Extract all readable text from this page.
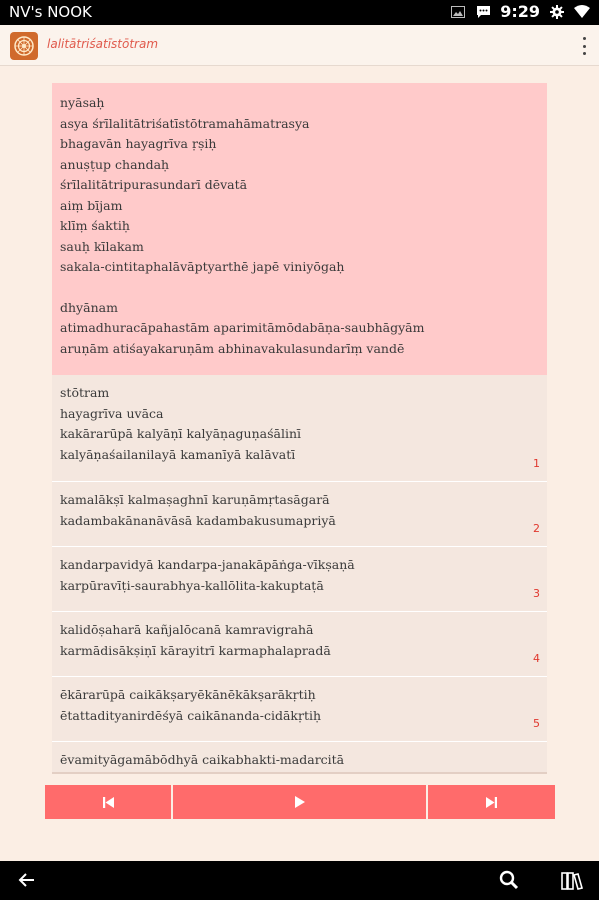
NV's NOOK	9:29
lalitātriśatīstōtram
nyāsaḥ
asya śrīlalitātriśatīstōtramahāmatrasya
bhagavān hayagrīva ṛṣiḥ
anuṣṭup chandaḥ
śrīlalitātripurasundarī dēvatā
aiṃ bījam
klīṃ śaktiḥ
sauḥ kīlakam
sakala-cintitaphalāvāptyarthē japē viniyōgaḥ
dhyānam
atimadhuracāpahastām aparimitāmōdabāṇa-saubhāgyām
aruṇām atiśayakaruṇām abhinavakulasundarīṃ vandē
stōtram
hayagrīva uvāca
kakārarūpā kalyāṇī kalyāṇaguṇaśālinī
kalyāṇaśailanilayā kamanīyā kalāvatī
1
kamalākṣī kalmaṣaghnī karuṇāmṛtasāgarā
kadambakānanāvāsā kadambakusumapriyā
2
kandarpavidyā kandarpa-janakāpāṅga-vīkṣaṇā
karpūravīṭi-saurabhya-kallōlita-kakuptaṭā
3
kalidōṣaharā kañjalōcanā kamravigrahā
karmādisākṣiṇī kārayitrī karmaphalapradā
4
ēkārarūpā caikākṣaryēkānēkākṣarākṛtiḥ
ētattadityanirdēśyā caikānanda-cidākṛtiḥ
5
ēvamityāgamābōdhyā caikabhakti-madarcitā
